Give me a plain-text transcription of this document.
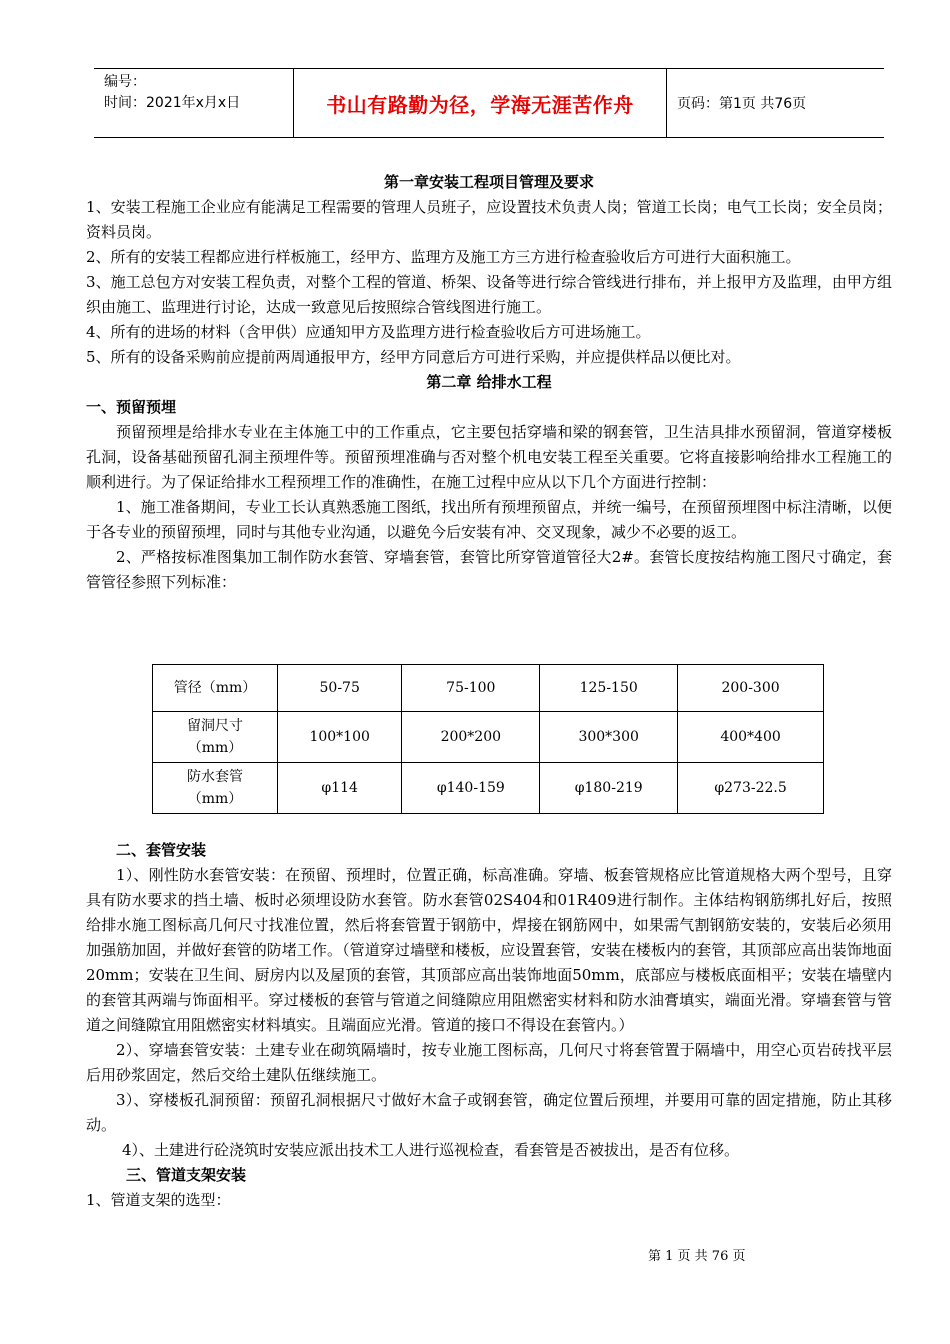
编号：
时间：2021年x月x日	书山有路勤为径，学海无涯苦作舟	页码：第1页 共76页

第一章安装工程项目管理及要求

1、安装工程施工企业应有能满足工程需要的管理人员班子，应设置技术负责人岗；管道工长岗；电气工长岗；安全员岗；资料员岗。

2、所有的安装工程都应进行样板施工，经甲方、监理方及施工方三方进行检查验收后方可进行大面积施工。

3、施工总包方对安装工程负责，对整个工程的管道、桥架、设备等进行综合管线进行排布，并上报甲方及监理，由甲方组织由施工、监理进行讨论，达成一致意见后按照综合管线图进行施工。

4、所有的进场的材料（含甲供）应通知甲方及监理方进行检查验收后方可进场施工。

5、所有的设备采购前应提前两周通报甲方，经甲方同意后方可进行采购，并应提供样品以便比对。

第二章 给排水工程

一、预留预埋

预留预埋是给排水专业在主体施工中的工作重点，它主要包括穿墙和梁的钢套管，卫生洁具排水预留洞，管道穿楼板孔洞，设备基础预留孔洞主预埋件等。预留预埋准确与否对整个机电安装工程至关重要。它将直接影响给排水工程施工的顺利进行。为了保证给排水工程预埋工作的准确性，在施工过程中应从以下几个方面进行控制：

1、施工准备期间，专业工长认真熟悉施工图纸，找出所有预埋预留点，并统一编号，在预留预埋图中标注清晰，以便于各专业的预留预埋，同时与其他专业沟通，以避免今后安装有冲、交叉现象，减少不必要的返工。

2、严格按标准图集加工制作防水套管、穿墙套管，套管比所穿管道管径大2#。套管长度按结构施工图尺寸确定，套管管径参照下列标准：

管径（mm）	50-75	75-100	125-150	200-300

留洞尺寸
（mm）	100*100	200*200	300*300	400*400

防水套管
（mm）	φ114	φ140-159	φ180-219	φ273-22.5

二、套管安装

1）、刚性防水套管安装：在预留、预埋时，位置正确，标高准确。穿墙、板套管规格应比管道规格大两个型号，且穿具有防水要求的挡土墙、板时必须埋设防水套管。防水套管02S404和01R409进行制作。主体结构钢筋绑扎好后，按照给排水施工图标高几何尺寸找准位置，然后将套管置于钢筋中，焊接在钢筋网中，如果需气割钢筋安装的，安装后必须用加强筋加固，并做好套管的防堵工作。（管道穿过墙壁和楼板，应设置套管，安装在楼板内的套管，其顶部应高出装饰地面20mm；安装在卫生间、厨房内以及屋顶的套管，其顶部应高出装饰地面50mm，底部应与楼板底面相平；安装在墙壁内的套管其两端与饰面相平。穿过楼板的套管与管道之间缝隙应用阻燃密实材料和防水油膏填实，端面光滑。穿墙套管与管道之间缝隙宜用阻燃密实材料填实。且端面应光滑。管道的接口不得设在套管内。）

2）、穿墙套管安装：土建专业在砌筑隔墙时，按专业施工图标高，几何尺寸将套管置于隔墙中，用空心页岩砖找平层后用砂浆固定，然后交给土建队伍继续施工。

3）、穿楼板孔洞预留：预留孔洞根据尺寸做好木盒子或钢套管，确定位置后预埋，并要用可靠的固定措施，防止其移动。

4）、土建进行砼浇筑时安装应派出技术工人进行巡视检查，看套管是否被拔出，是否有位移。

三、管道支架安装

1、管道支架的选型：

第 1 页 共 76 页
